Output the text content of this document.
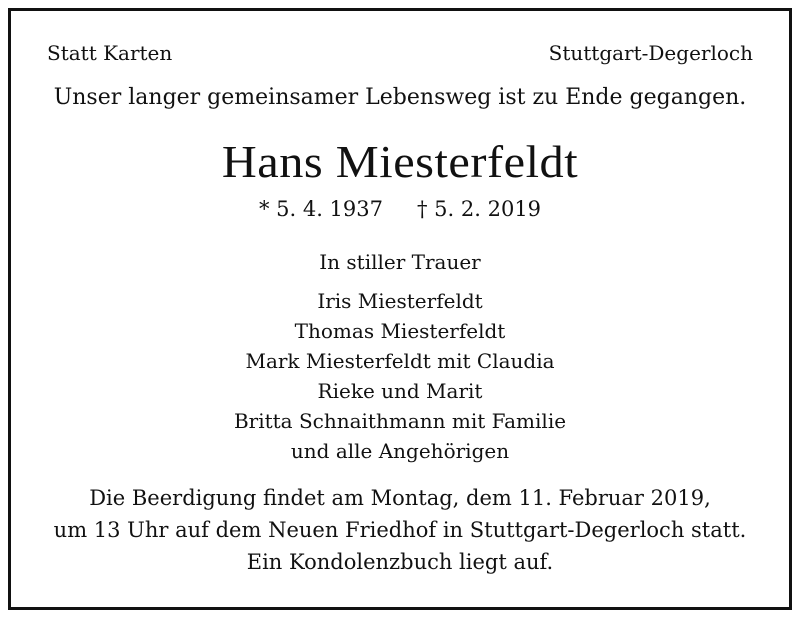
Statt Karten	Stuttgart-Degerloch
Unser langer gemeinsamer Lebensweg ist zu Ende gegangen.
Hans Miesterfeldt
* 5. 4. 1937 † 5. 2. 2019
In stiller Trauer
Iris Miesterfeldt
Thomas Miesterfeldt
Mark Miesterfeldt mit Claudia
Rieke und Marit
Britta Schnaithmann mit Familie
und alle Angehörigen
Die Beerdigung findet am Montag, dem 11. Februar 2019,
um 13 Uhr auf dem Neuen Friedhof in Stuttgart-Degerloch statt.
Ein Kondolenzbuch liegt auf.
